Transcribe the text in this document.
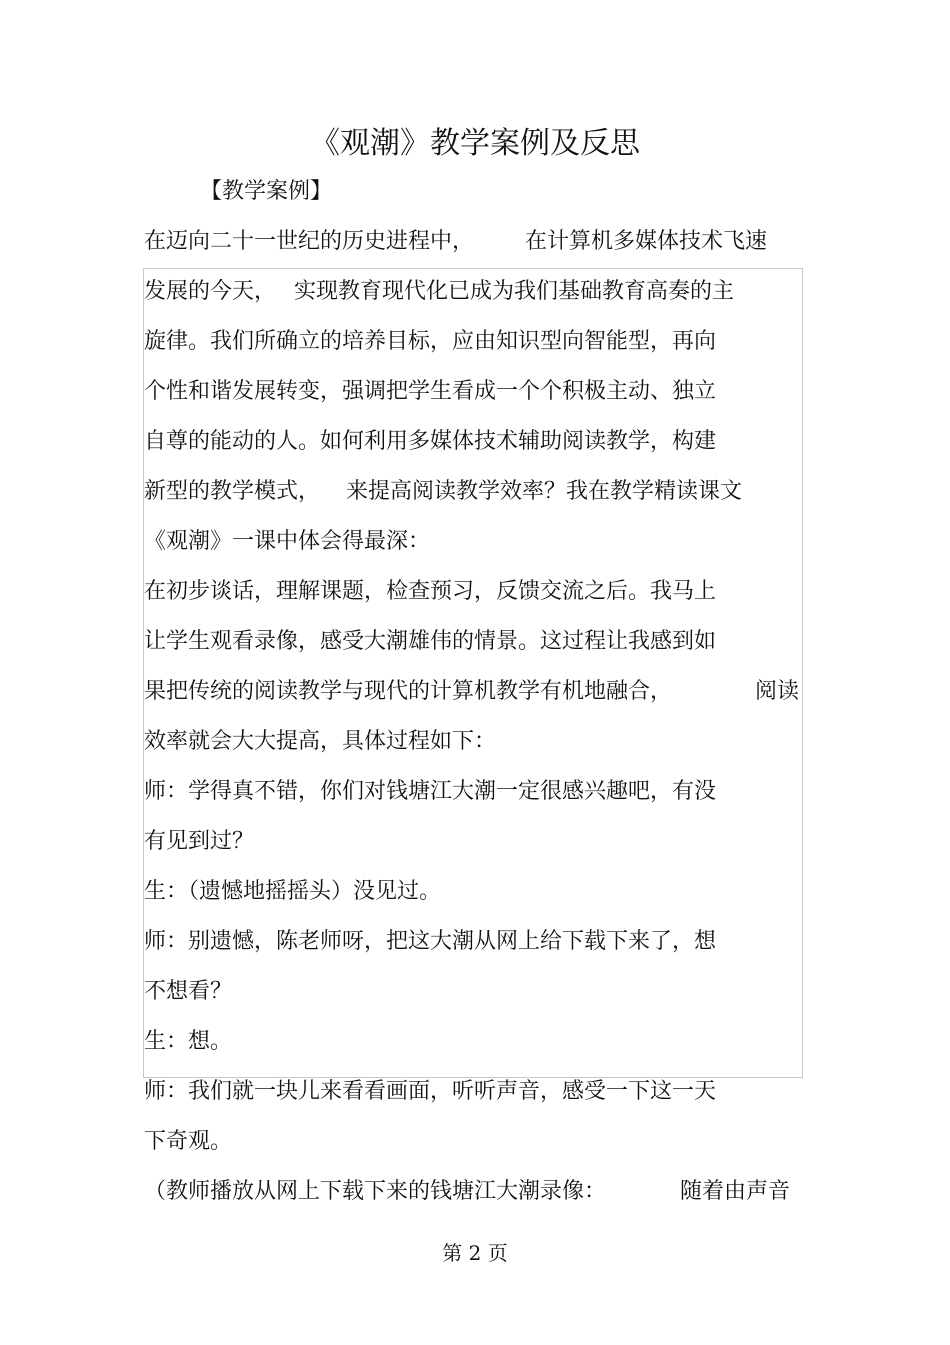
《观潮》教学案例及反思
【教学案例】
在迈向二十一世纪的历史进程中， 在计算机多媒体技术飞速
发展的今天， 实现教育现代化已成为我们基础教育高奏的主
旋律。我们所确立的培养目标，应由知识型向智能型，再向
个性和谐发展转变，强调把学生看成一个个积极主动、独立
自尊的能动的人。如何利用多媒体技术辅助阅读教学，构建
新型的教学模式， 来提高阅读教学效率？我在教学精读课文
《观潮》一课中体会得最深：
在初步谈话，理解课题，检查预习，反馈交流之后。我马上
让学生观看录像，感受大潮雄伟的情景。这过程让我感到如
果把传统的阅读教学与现代的计算机教学有机地融合，	阅读
效率就会大大提高，具体过程如下：
师：学得真不错，你们对钱塘江大潮一定很感兴趣吧，有没
有见到过？
生：（遗憾地摇摇头）没见过。
师：别遗憾，陈老师呀，把这大潮从网上给下载下来了，想
不想看？
生：想。
师：我们就一块儿来看看画面，听听声音，感受一下这一天
下奇观。
（教师播放从网上下载下来的钱塘江大潮录像：	随着由声音
第 2 页
